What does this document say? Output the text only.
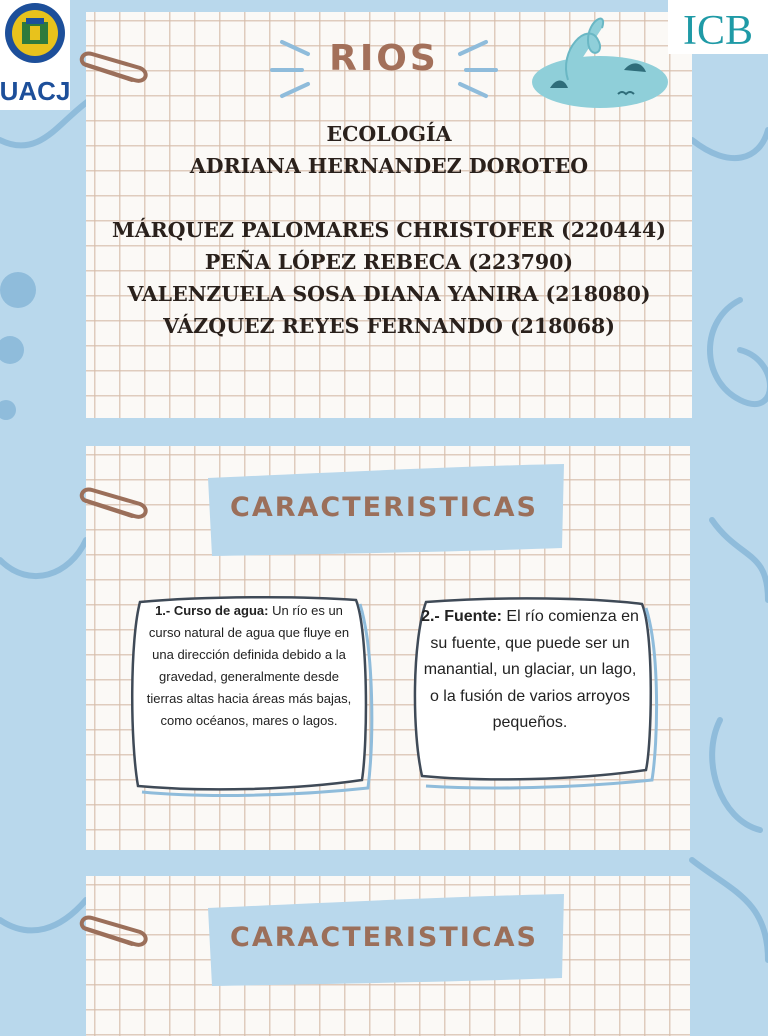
UACJ
ICB
RIOS
ECOLOGÍA
ADRIANA HERNANDEZ DOROTEO
MÁRQUEZ PALOMARES CHRISTOFER (220444)
PEÑA LÓPEZ REBECA (223790)
VALENZUELA SOSA DIANA YANIRA (218080)
VÁZQUEZ REYES FERNANDO (218068)
CARACTERISTICAS
1.- Curso de agua: Un río es un curso natural de agua que fluye en una dirección definida debido a la gravedad, generalmente desde tierras altas hacia áreas más bajas, como océanos, mares o lagos.
2.- Fuente: El río comienza en su fuente, que puede ser un manantial, un glaciar, un lago, o la fusión de varios arroyos pequeños.
CARACTERISTICAS
